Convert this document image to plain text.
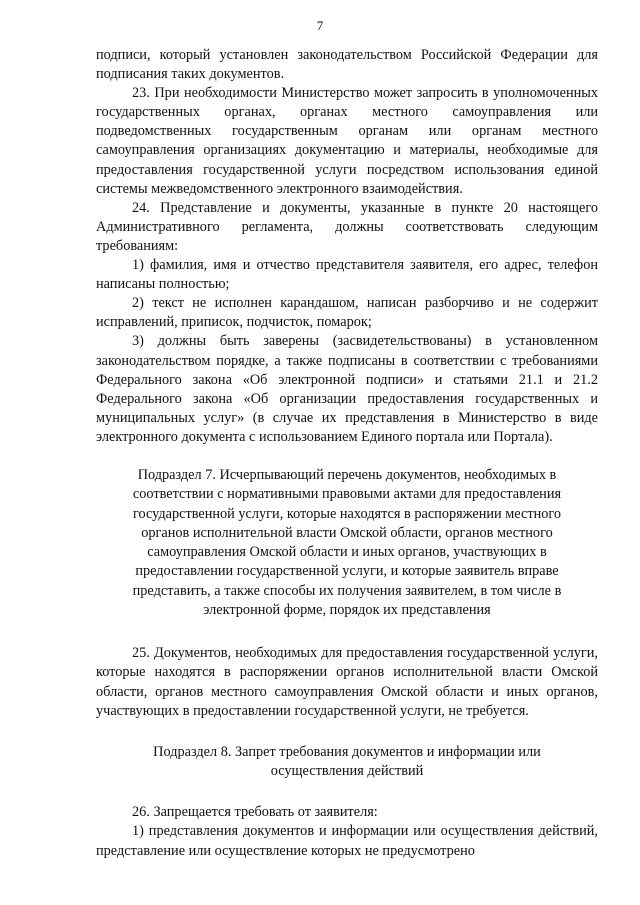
7

подписи, который установлен законодательством Российской Федерации для подписания таких документов.

23. При необходимости Министерство может запросить в уполномоченных государственных органах, органах местного самоуправления или подведомственных государственным органам или органам местного самоуправления организациях документацию и материалы, необходимые для предоставления государственной услуги посредством использования единой системы межведомственного электронного взаимодействия.

24. Представление и документы, указанные в пункте 20 настоящего Административного регламента, должны соответствовать следующим требованиям:

1) фамилия, имя и отчество представителя заявителя, его адрес, телефон написаны полностью;

2) текст не исполнен карандашом, написан разборчиво и не содержит исправлений, приписок, подчисток, помарок;

3) должны быть заверены (засвидетельствованы) в установленном законодательством порядке, а также подписаны в соответствии с требованиями Федерального закона «Об электронной подписи» и статьями 21.1 и 21.2 Федерального закона «Об организации предоставления государственных и муниципальных услуг» (в случае их представления в Министерство в виде электронного документа с использованием Единого портала или Портала).

Подраздел 7. Исчерпывающий перечень документов, необходимых в соответствии с нормативными правовыми актами для предоставления государственной услуги, которые находятся в распоряжении местного органов исполнительной власти Омской области, органов местного самоуправления Омской области и иных органов, участвующих в предоставлении государственной услуги, и которые заявитель вправе представить, а также способы их получения заявителем, в том числе в электронной форме, порядок их представления

25. Документов, необходимых для предоставления государственной услуги, которые находятся в распоряжении органов исполнительной власти Омской области, органов местного самоуправления Омской области и иных органов, участвующих в предоставлении государственной услуги, не требуется.

Подраздел 8. Запрет требования документов и информации или осуществления действий

26. Запрещается требовать от заявителя:

1) представления документов и информации или осуществления действий, представление или осуществление которых не предусмотрено
